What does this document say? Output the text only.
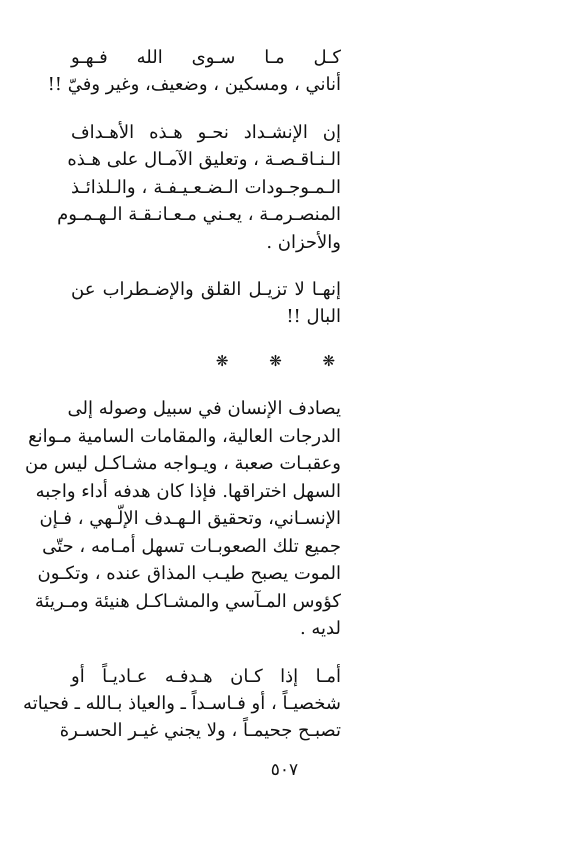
كـل مـا سـوى الله فـهـو
أناني ، ومسكين ، وضعيف، وغير وفيّ !!
إن الإنشـداد نحـو هـذه الأهـداف
الـنـاقـصـة ، وتعليق الآمـال على هـذه
الـمـوجـودات الـضـعـيـفـة ، والـلذائـذ
المنصـرمـة ، يعـني مـعـانـقـة الـهـمـوم
والأحزان .
إنهـا لا تزيـل القلق والإضـطراب عن
البال !!
❋ ❋ ❋
يصادف الإنسان في سبيل وصوله إلى
الدرجات العالية، والمقامات السامية مـوانع
وعقبـات صعبة ، ويـواجه مشـاكـل ليس من
السهل اختراقها. فإذا كان هدفه أداء واجبه
الإنسـاني، وتحقيق الـهـدف الإلّـهي ، فـإن
جميع تلك الصعوبـات تسهل أمـامه ، حتّى
الموت يصبح طيـب المذاق عنده ، وتكـون
كؤوس المـآسي والمشـاكـل هنيئة ومـريئة
لديه .
أمـا إذا كـان هـدفـه عـاديـاً أو
شخصيـاً ، أو فـاسـداً ـ والعياذ بـالله ـ فحياته
تصبـح جحيمـاً ، ولا يجني غيـر الحسـرة
٥٠٧
